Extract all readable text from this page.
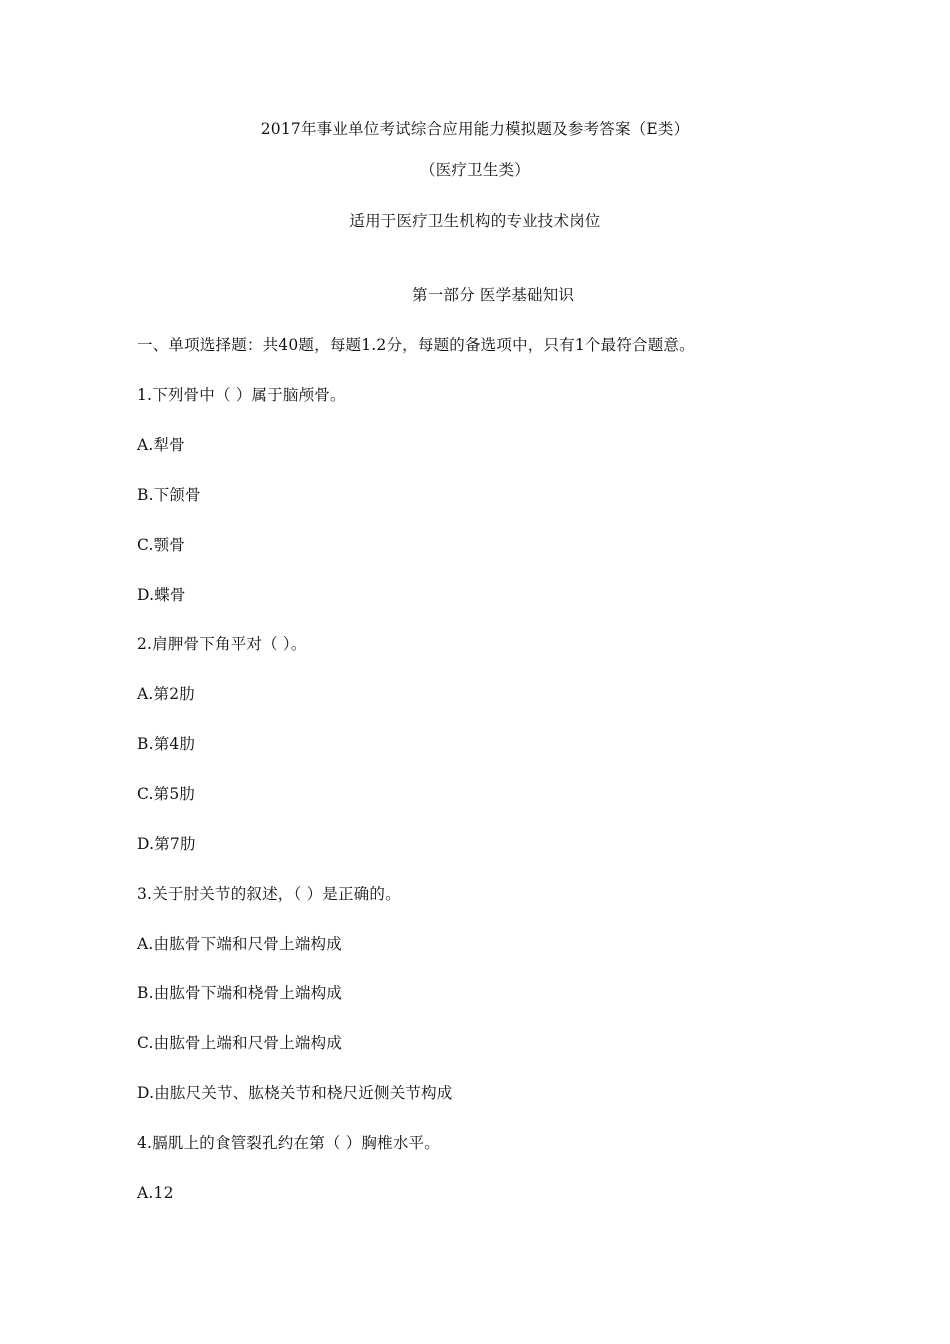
2017年事业单位考试综合应用能力模拟题及参考答案（E类）
（医疗卫生类）
适用于医疗卫生机构的专业技术岗位
第一部分 医学基础知识
一、单项选择题：共40题，每题1.2分，每题的备选项中，只有1个最符合题意。
1.下列骨中（ ）属于脑颅骨。
A.犁骨
B.下颌骨
C.颚骨
D.蝶骨
2.肩胛骨下角平对（ ）。
A.第2肋
B.第4肋
C.第5肋
D.第7肋
3.关于肘关节的叙述，（ ）是正确的。
A.由肱骨下端和尺骨上端构成
B.由肱骨下端和桡骨上端构成
C.由肱骨上端和尺骨上端构成
D.由肱尺关节、肱桡关节和桡尺近侧关节构成
4.膈肌上的食管裂孔约在第（ ）胸椎水平。
A.12
